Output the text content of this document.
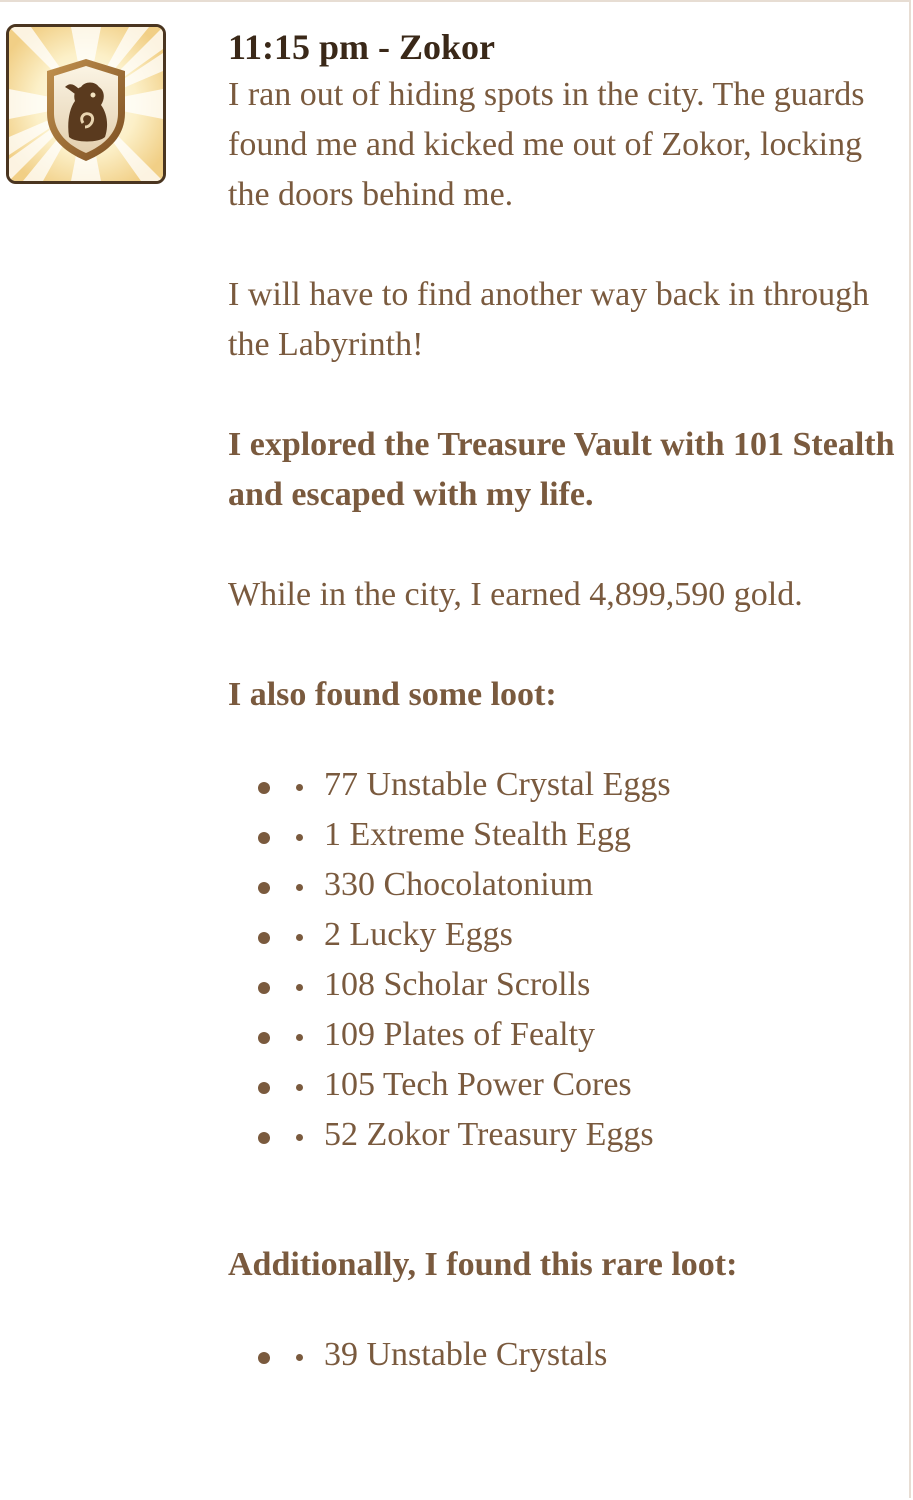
11:15 pm - Zokor

I ran out of hiding spots in the city. The guards found me and kicked me out of Zokor, locking the doors behind me.

I will have to find another way back in through the Labyrinth!

I explored the Treasure Vault with 101 Stealth and escaped with my life.

While in the city, I earned 4,899,590 gold.

I also found some loot:

77 Unstable Crystal Eggs
1 Extreme Stealth Egg
330 Chocolatonium
2 Lucky Eggs
108 Scholar Scrolls
109 Plates of Fealty
105 Tech Power Cores
52 Zokor Treasury Eggs

Additionally, I found this rare loot:

39 Unstable Crystals
